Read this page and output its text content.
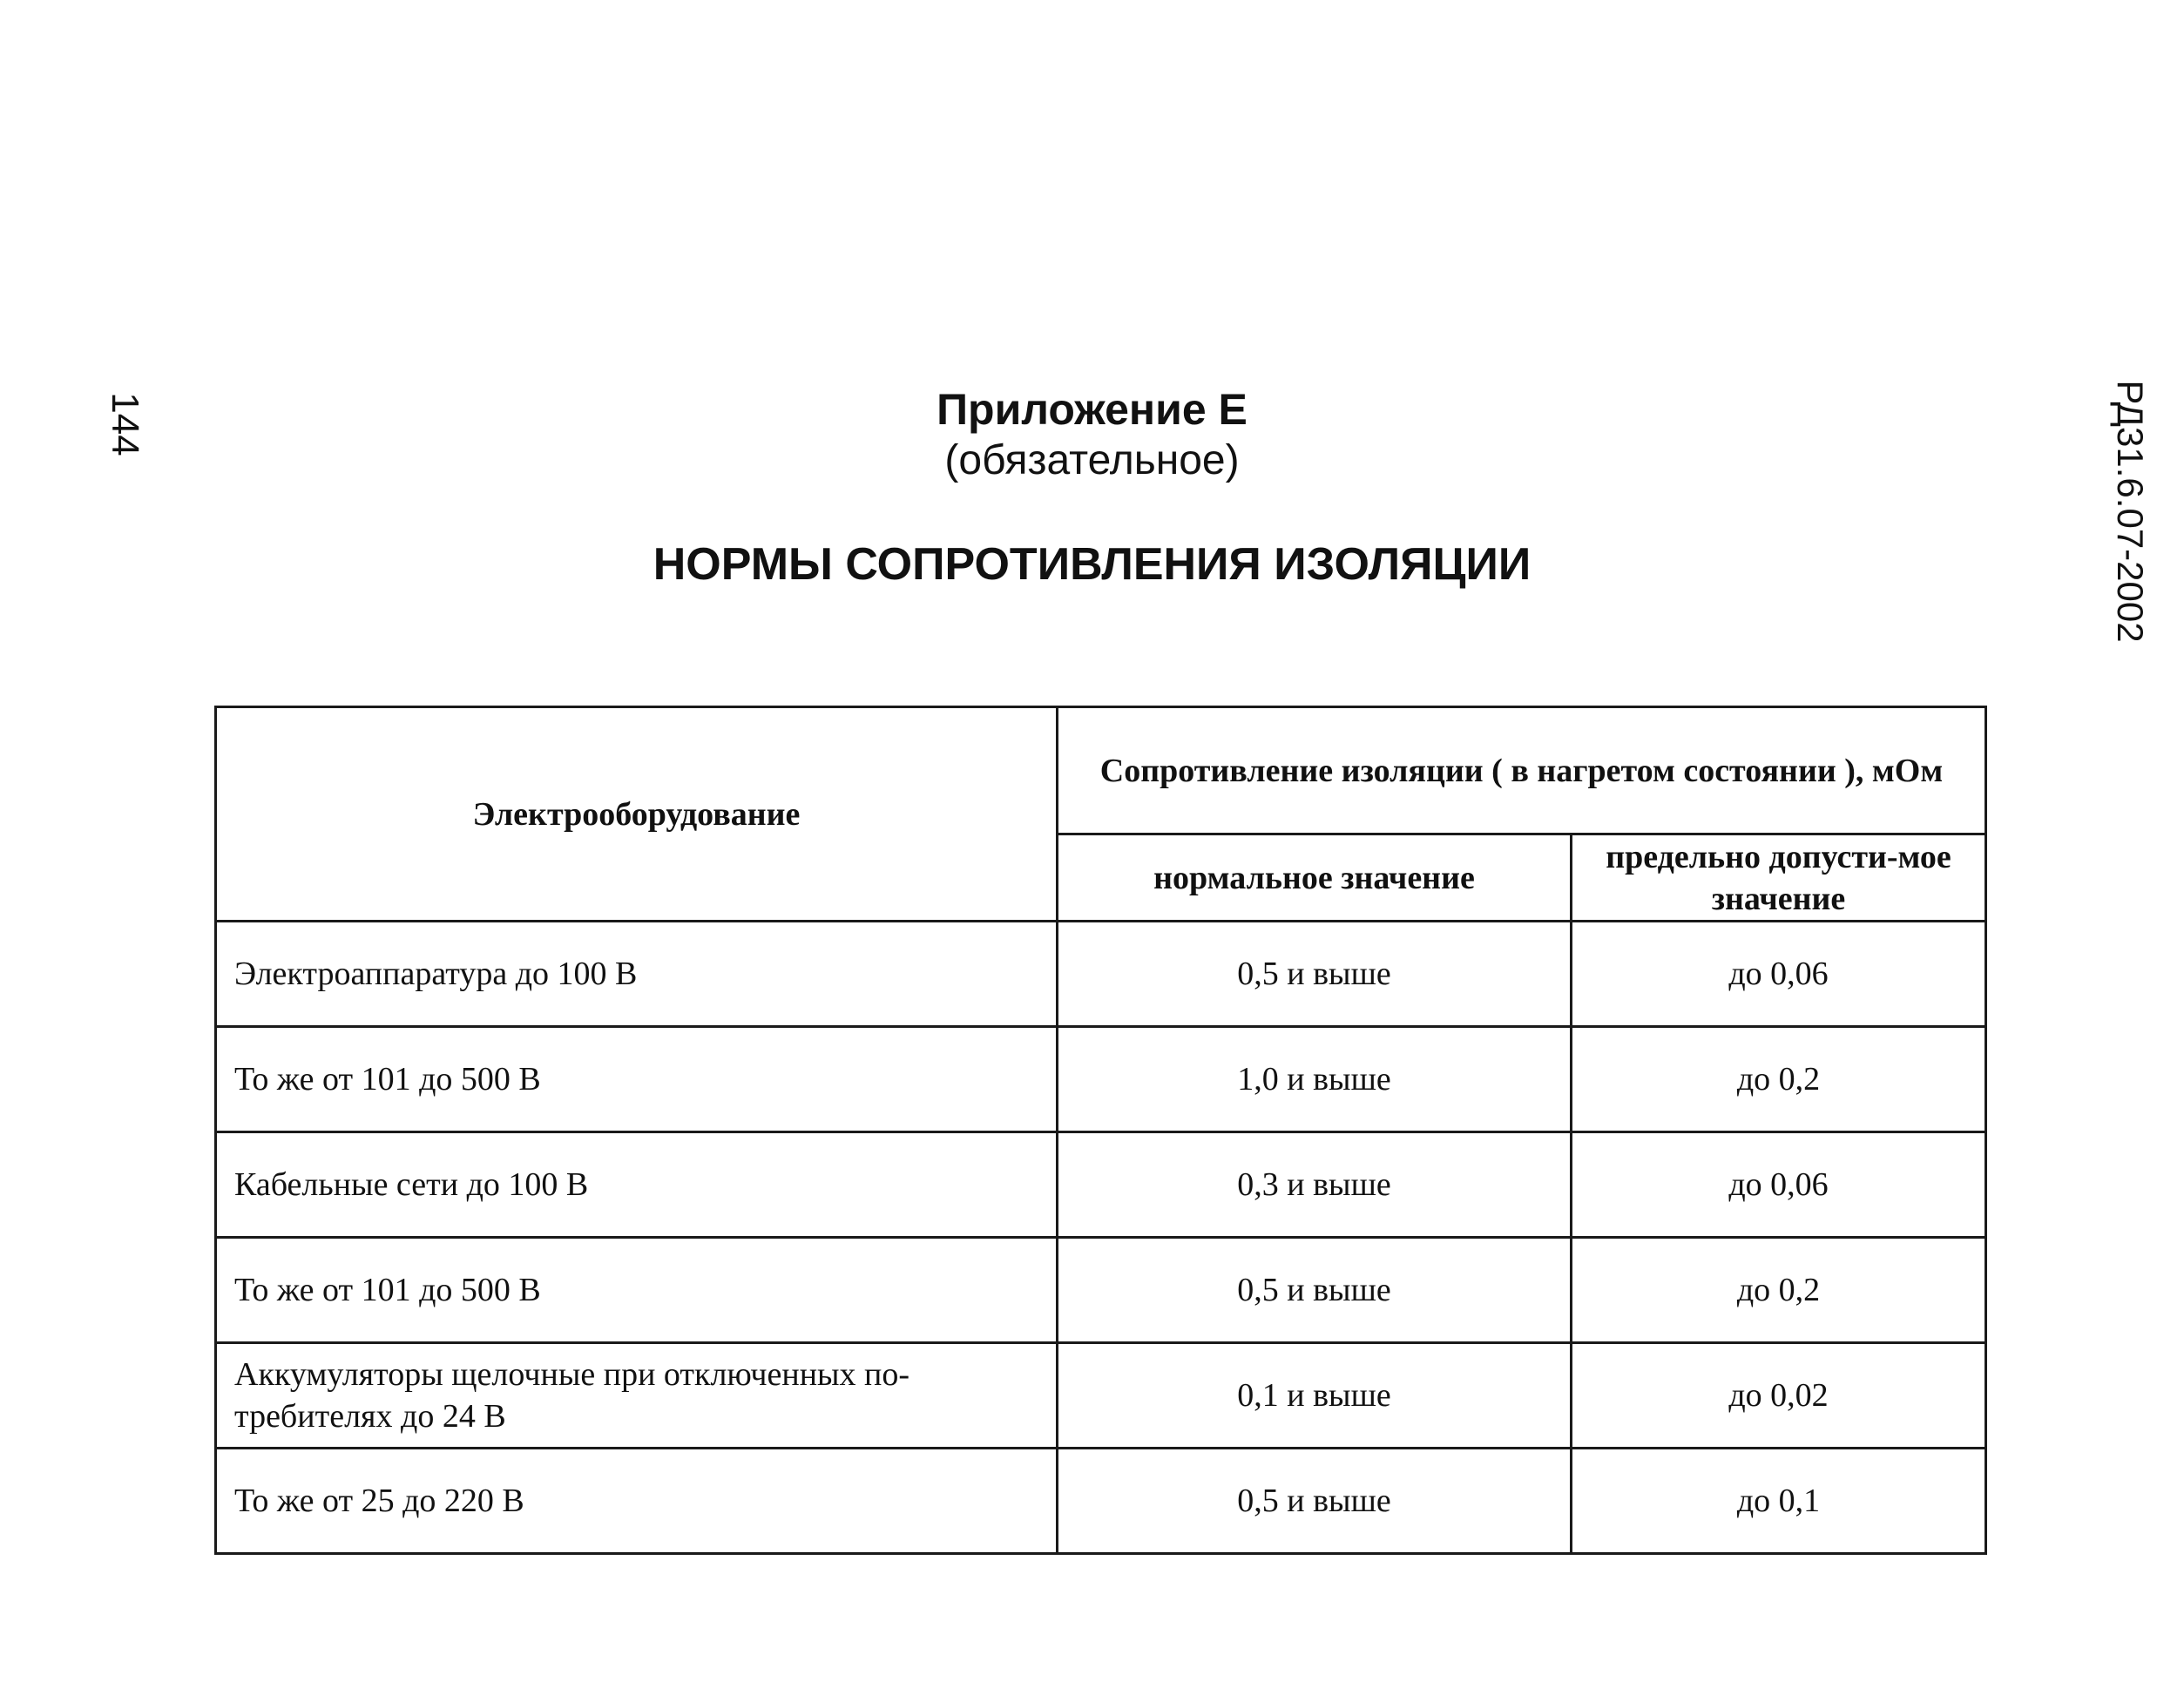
144	РД31.6.07-2002
Приложение Е
(обязательное)
НОРМЫ СОПРОТИВЛЕНИЯ ИЗОЛЯЦИИ
Электрооборудование	Сопротивление изоляции ( в нагретом состоянии ), мОм	
	нормальное значение	предельно допусти-мое значение
Электроаппаратура до 100 В	0,5 и выше	до 0,06
То же от 101 до 500 В	1,0 и выше	до 0,2
Кабельные сети до 100 В	0,3 и выше	до 0,06
То же от 101 до 500 В	0,5 и выше	до 0,2
Аккумуляторы щелочные при отключенных по-требителях до 24 В	0,1 и выше	до 0,02
То же от 25 до 220 В	0,5 и выше	до 0,1
